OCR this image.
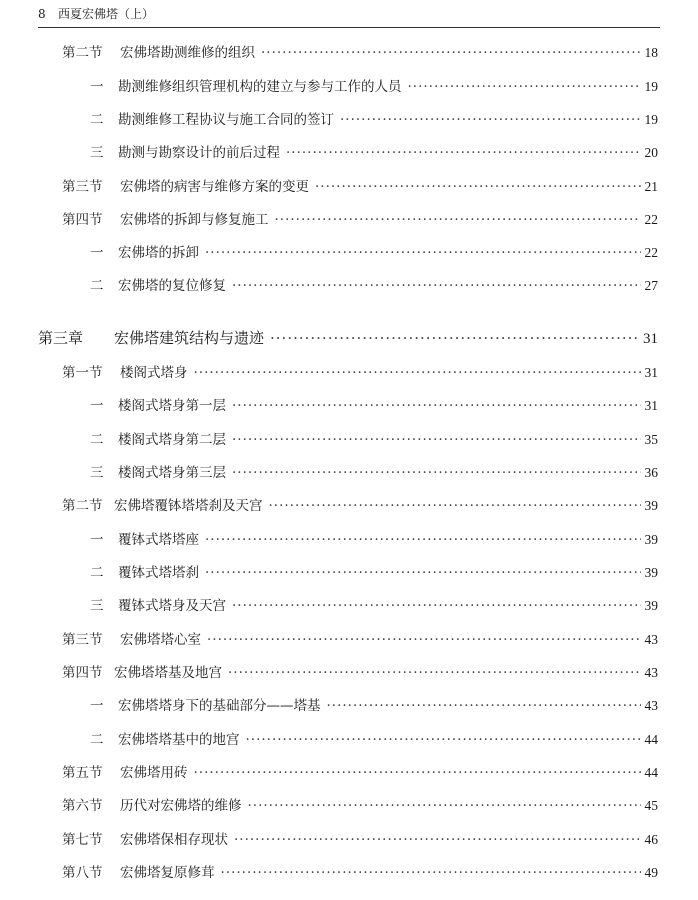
8 西夏宏佛塔（上）
第二节	宏佛塔勘测维修的组织 ·····	18
一	勘测维修组织管理机构的建立与参与工作的人员 ·····	19
二	勘测维修工程协议与施工合同的签订 ·····	19
三	勘测与勘察设计的前后过程 ·····	20
第三节	宏佛塔的病害与维修方案的变更 ·····	21
第四节	宏佛塔的拆卸与修复施工 ·····	22
一	宏佛塔的拆卸 ·····	22
二	宏佛塔的复位修复 ·····	27
第三章	宏佛塔建筑结构与遗迹 ·····	31
第一节	楼阁式塔身 ·····	31
一	楼阁式塔身第一层 ·····	31
二	楼阁式塔身第二层 ·····	35
三	楼阁式塔身第三层 ·····	36
第二节 宏佛塔覆钵塔塔刹及天宫 ·····	39
一	覆钵式塔塔座 ·····	39
二	覆钵式塔塔刹 ·····	39
三	覆钵式塔身及天宫 ·····	39
第三节	宏佛塔塔心室 ·····	43
第四节 宏佛塔塔基及地宫 ·····	43
一	宏佛塔塔身下的基础部分——塔基 ·····	43
二	宏佛塔塔基中的地宫 ·····	44
第五节	宏佛塔用砖 ·····	44
第六节	历代对宏佛塔的维修 ·····	45
第七节	宏佛塔保相存现状 ·····	46
第八节	宏佛塔复原修茸 ·····	49
